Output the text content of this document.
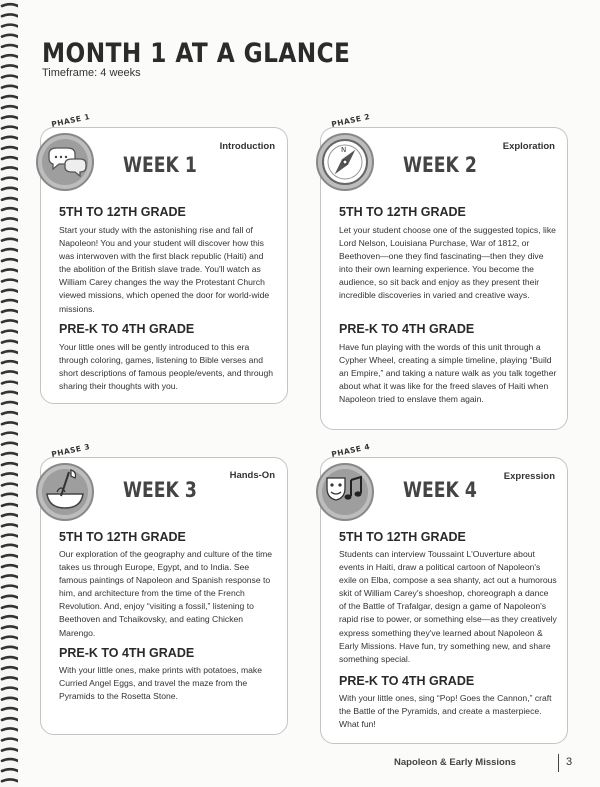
MONTH 1 AT A GLANCE
Timeframe: 4 weeks
PHASE 1
WEEK 1
Introduction
5TH TO 12TH GRADE
Start your study with the astonishing rise and fall of Napoleon! You and your student will discover how this was interwoven with the first black republic (Haiti) and the abolition of the British slave trade. You'll watch as William Carey changes the way the Protestant Church viewed missions, which opened the door for world-wide missions.
PRE-K TO 4TH GRADE
Your little ones will be gently introduced to this era through coloring, games, listening to Bible verses and short descriptions of famous people/events, and through sharing their thoughts with you.
PHASE 2
N
WEEK 2
Exploration
5TH TO 12TH GRADE
Let your student choose one of the suggested topics, like Lord Nelson, Louisiana Purchase, War of 1812, or Beethoven—one they find fascinating—then they dive into their own learning experience. You become the audience, so sit back and enjoy as they present their incredible discoveries in varied and creative ways.
PRE-K TO 4TH GRADE
Have fun playing with the words of this unit through a Cypher Wheel, creating a simple timeline, playing “Build an Empire,” and taking a nature walk as you talk together about what it was like for the freed slaves of Haiti when Napoleon tried to enslave them again.
PHASE 3
WEEK 3
Hands-On
5TH TO 12TH GRADE
Our exploration of the geography and culture of the time takes us through Europe, Egypt, and to India. See famous paintings of Napoleon and Spanish response to him, and architecture from the time of the French Revolution. And, enjoy “visiting a fossil,” listening to Beethoven and Tchaikovsky, and eating Chicken Marengo.
PRE-K TO 4TH GRADE
With your little ones, make prints with potatoes, make Curried Angel Eggs, and travel the maze from the Pyramids to the Rosetta Stone.
PHASE 4
WEEK 4
Expression
5TH TO 12TH GRADE
Students can interview Toussaint L'Ouverture about events in Haiti, draw a political cartoon of Napoleon's exile on Elba, compose a sea shanty, act out a humorous skit of William Carey's shoeshop, choreograph a dance of the Battle of Trafalgar, design a game of Napoleon's rapid rise to power, or something else—as they creatively express something they've learned about Napoleon & Early Missions. Have fun, try something new, and share something special.
PRE-K TO 4TH GRADE
With your little ones, sing “Pop! Goes the Cannon,” craft the Battle of the Pyramids, and create a masterpiece. What fun!
Napoleon & Early Missions	3
